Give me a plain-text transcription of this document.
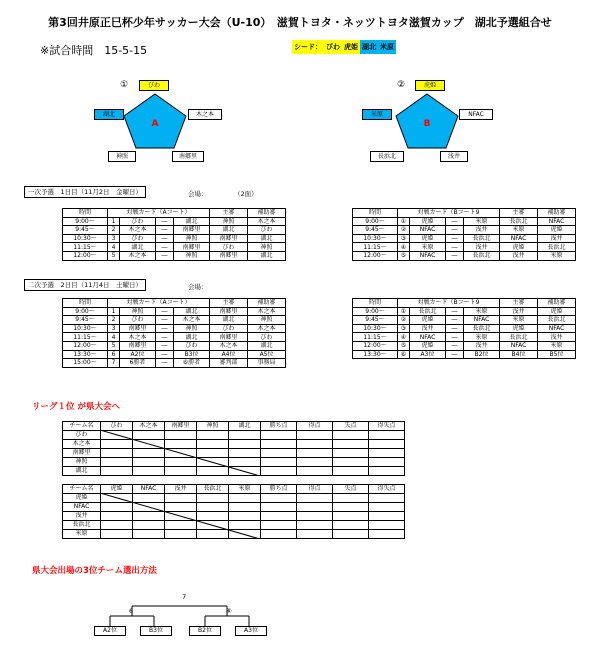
第3回井原正巳杯少年サッカー大会（U-10）　滋賀トヨタ・ネッツトヨタ滋賀カップ　湖北予選組合せ
※試合時間　15-5-15	シード： びわ 虎姫 湖北 米原
①	びわ
湖北	木之本
神照	南郷里
A
②	虎姫
米原	NFAC
長浜北	浅井
B
一次予選　1日目（11月2日　金曜日）	会場：	（2面）
時間	対戦カード（Aコート）				主審	補助審
9:00～	1	びわ	―	湖北	神照	木之本
9:45～	2	木之本	―	南郷里	湖北	びわ
10:30～	3	びわ	―	神照	南郷里	湖北
11:15～	4	湖北	―	南郷里	びわ	神照
12:00～	5	木之本	―	神照	南郷里	湖北
時間	対戦カード（Bコート9				主審	補助審
9:00～	①	虎姫	―	米原	長浜北	NFAC
9:45～	②	NFAC	―	浅井	米原	虎姫
10:30～	③	虎姫	―	長浜北	NFAC	浅井
11:15～	④	米原	―	浅井	虎姫	長浜北
12:00～	⑤	NFAC	―	長浜北	浅井	米原
二次予選　2日目（11月4日　土曜日）	会場：
時間	対戦カード（Aコート）				主審	補助審
9:00～	1	神照	―	湖北	南郷里	木之本
9:45～	2	びわ	―	木之本	湖北	神照
10:30～	3	南郷里	―	神照	びわ	木之本
11:15～	4	木之本	―	湖北	南郷里	びわ
12:00～	5	南郷里	―	びわ	木之本	湖北
13:30～	6	A2位	―	B3位	A4位	A5位
15:00～	7	6勝者	―	⑥勝者	審判部	事務局
時間	対戦カード（Bコート9				主審	補助審
9:00～	①	長浜北	―	米原	浅井	虎姫
9:45～	②	虎姫	―	NFAC	米原	長浜北
10:30～	③	浅井	―	長浜北	虎姫	NFAC
11:15～	④	NFAC	―	米原	長浜北	浅井
12:00～	⑤	虎姫	―	浅井	NFAC	米原
13:30～	⑥	A3位	―	B2位	B4位	B5位
リーグ１位 が県大会へ
チーム名	びわ	木之本	南郷里	神照	湖北	勝ち点	得点	失点	得失点
びわ									
木之本									
南郷里									
神照									
湖北									
チーム名	虎姫	NFAC	浅井	長浜北	米原	勝ち点	得点	失点	得失点
虎姫									
NFAC									
浅井									
長浜北									
米原									
県大会出場の3位チーム選出方法
7
6	⑥
A2位	B3位	B2位	A3位
